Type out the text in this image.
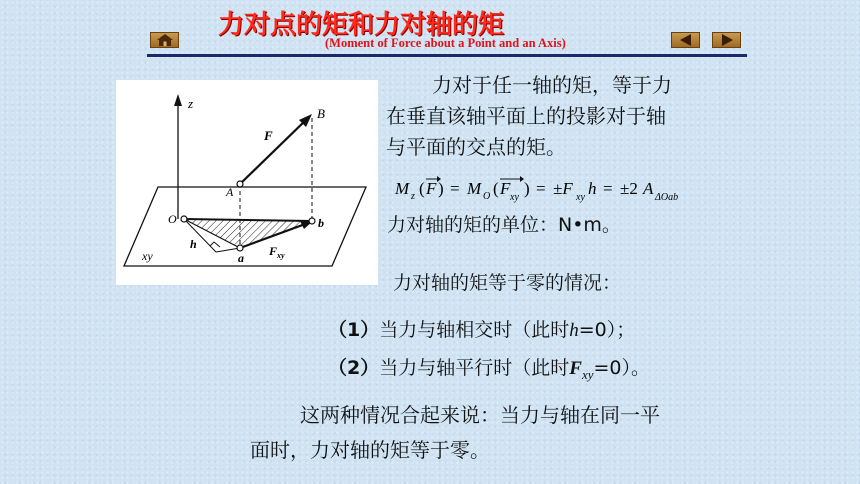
力对点的矩和力对轴的矩
(Moment of Force about a Point and an Axis)
z
B
F
A
O	b
h
a F xy
xy
力对于任一轴的矩，等于力
在垂直该轴平面上的投影对于轴
与平面的交点的矩。
M z ( F ) = M O ( F xy ) = ±F xy h = ±2 A ΔOab
力对轴的矩的单位：N•m。
力对轴的矩等于零的情况：
（1）当力与轴相交时（此时h=0）；
（2）当力与轴平行时（此时$F_{xy}=0$）。
这两种情况合起来说：当力与轴在同一平
面时，力对轴的矩等于零。
